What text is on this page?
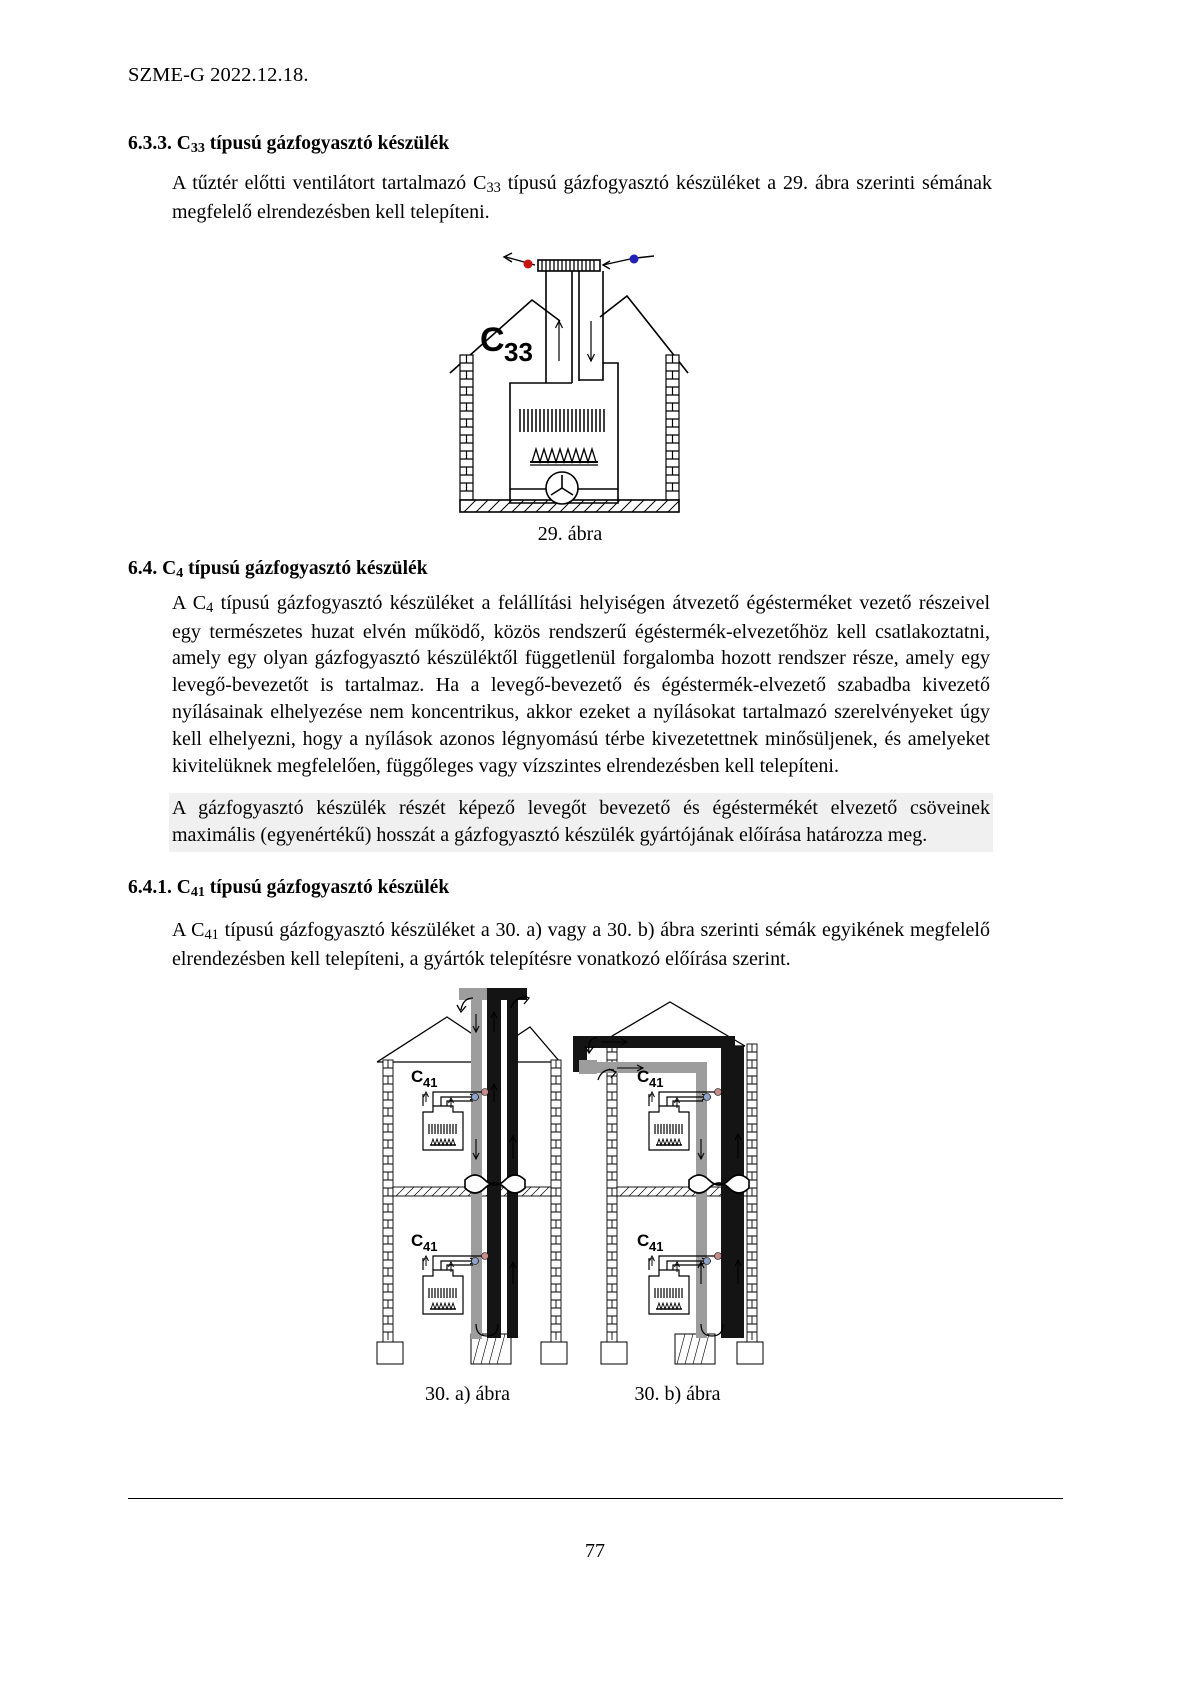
SZME-G 2022.12.18.
6.3.3. $C_{33}$ típusú gázfogyasztó készülék
A tűztér előtti ventilátort tartalmazó $C_{33}$ típusú gázfogyasztó készüléket a 29. ábra szerinti sémának megfelelő elrendezésben kell telepíteni.
C 33
29. ábra
6.4. $C_4$ típusú gázfogyasztó készülék
A $C_4$ típusú gázfogyasztó készüléket a felállítási helyiségen átvezető égésterméket vezető részeivel egy természetes huzat elvén működő, közös rendszerű égéstermék-elvezetőhöz kell csatlakoztatni, amely egy olyan gázfogyasztó készüléktől függetlenül forgalomba hozott rendszer része, amely egy levegő-bevezetőt is tartalmaz. Ha a levegő-bevezető és égéstermék-elvezető szabadba kivezető nyílásainak elhelyezése nem koncentrikus, akkor ezeket a nyílásokat tartalmazó szerelvényeket úgy kell elhelyezni, hogy a nyílások azonos légnyomású térbe kivezetettnek minősüljenek, és amelyeket kivitelüknek megfelelően, függőleges vagy vízszintes elrendezésben kell telepíteni.
A gázfogyasztó készülék részét képező levegőt bevezető és égéstermékét elvezető csöveinek maximális (egyenértékű) hosszát a gázfogyasztó készülék gyártójának előírása határozza meg.
6.4.1. $C_{41}$ típusú gázfogyasztó készülék
A $C_{41}$ típusú gázfogyasztó készüléket a 30. a) vagy a 30. b) ábra szerinti sémák egyikének megfelelő elrendezésben kell telepíteni, a gyártók telepítésre vonatkozó előírása szerint.
C 41
C 41
C 41
C 41
30. a) ábra	30. b) ábra
77
